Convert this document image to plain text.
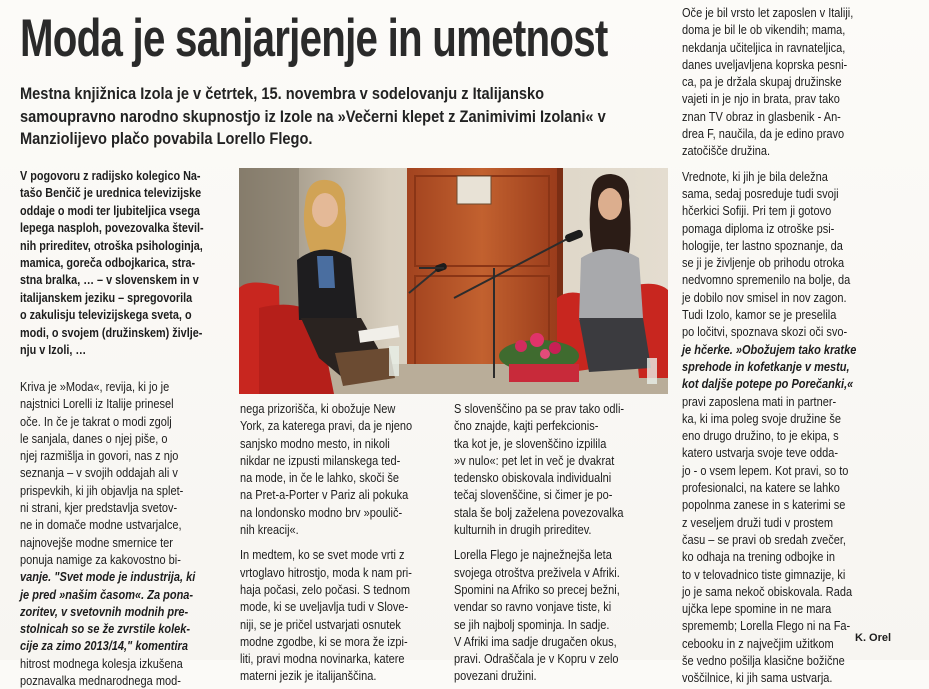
Moda je sanjarjenje in umetnost
Mestna knjižnica Izola je v četrtek, 15. novembra v sodelovanju z Italijansko
samoupravno narodno skupnostjo iz Izole na »Večerni klepet z Zanimivimi Izolani« v
Manziolijevo plačo povabila Lorello Flego.
V pogovoru z radijsko kolegico Na-
tašo Benčič je urednica televizijske
oddaje o modi ter ljubiteljica vsega
lepega nasploh, povezovalka števil-
nih prireditev, otroška psihologinja,
mamica, goreča odbojkarica, stra-
stna bralka, … – v slovenskem in v
italijanskem jeziku – spregovorila
o zakulisju televizijskega sveta, o
modi, o svojem (družinskem) življe-
nju v Izoli, …
Kriva je »Moda«, revija, ki jo je
najstnici Lorelli iz Italije prinesel
oče. In če je takrat o modi zgolj
le sanjala, danes o njej piše, o
njej razmišlja in govori, nas z njo
seznanja – v svojih oddajah ali v
prispevkih, ki jih objavlja na splet-
ni strani, kjer predstavlja svetov-
ne in domače modne ustvarjalce,
najnovejše modne smernice ter
ponuja namige za kakovostno bi-
vanje. "Svet mode je industrija, ki
je pred »našim časom«. Za pona-
zoritev, v svetovnih modnih pre-
stolnicah so se že zvrstile kolek-
cije za zimo 2013/14," komentira
hitrost modnega kolesja izkušena
poznavalka mednarodnega mod-
nega prizorišča, ki obožuje New
York, za katerega pravi, da je njeno
sanjsko modno mesto, in nikoli
nikdar ne izpusti milanskega ted-
na mode, in če le lahko, skoči še
na Pret-a-Porter v Pariz ali pokuka
na londonsko modno brv »poulič-
nih kreacij«.
In medtem, ko se svet mode vrti z
vrtoglavo hitrostjo, moda k nam pri-
haja počasi, zelo počasi. S tednom
mode, ki se uveljavlja tudi v Slove-
niji, se je pričel ustvarjati osnutek
modne zgodbe, ki se mora že izpi-
liti, pravi modna novinarka, katere
materni jezik je italijanščina.
S slovenščino pa se prav tako odli-
čno znajde, kajti perfekcionis-
tka kot je, je slovenščino izpilila
»v nulo«: pet let in več je dvakrat
tedensko obiskovala individualni
tečaj slovenščine, si čimer je po-
stala še bolj zaželena povezovalka
kulturnih in drugih prireditev.
Lorella Flego je najnežnejša leta
svojega otroštva preživela v Afriki.
Spomini na Afriko so precej bežni,
vendar so ravno vonjave tiste, ki
se jih najbolj spominja. In sadje.
V Afriki ima sadje drugačen okus,
pravi. Odraščala je v Kopru v zelo
povezani družini.
Oče je bil vrsto let zaposlen v Italiji,
doma je bil le ob vikendih; mama,
nekdanja učiteljica in ravnateljica,
danes uveljavljena koprska pesni-
ca, pa je držala skupaj družinske
vajeti in je njo in brata, prav tako
znan TV obraz in glasbenik - An-
drea F, naučila, da je edino pravo
zatočišče družina.
Vrednote, ki jih je bila deležna
sama, sedaj posreduje tudi svoji
hčerkici Sofiji. Pri tem ji gotovo
pomaga diploma iz otroške psi-
hologije, ter lastno spoznanje, da
se ji je življenje ob prihodu otroka
nedvomno spremenilo na bolje, da
je dobilo nov smisel in nov zagon.
Tudi Izolo, kamor se je preselila
po ločitvi, spoznava skozi oči svo-
je hčerke. »Obožujem tako kratke
sprehode in kofetkanje v mestu,
kot daljše potepe po Porečanki,«
pravi zaposlena mati in partner-
ka, ki ima poleg svoje družine še
eno drugo družino, to je ekipa, s
katero ustvarja svoje teve odda-
jo - o vsem lepem. Kot pravi, so to
profesionalci, na katere se lahko
popolnma zanese in s katerimi se
z veseljem druži tudi v prostem
času – se pravi ob sredah zvečer,
ko odhaja na trening odbojke in
to v telovadnico tiste gimnazije, ki
jo je sama nekoč obiskovala. Rada
ujčka lepe spomine in ne mara
sprememb; Lorella Flego ni na Fa-
cebooku in z največjim užitkom
še vedno pošilja klasične božične
voščilnice, ki jih sama ustvarja.
K. Orel
